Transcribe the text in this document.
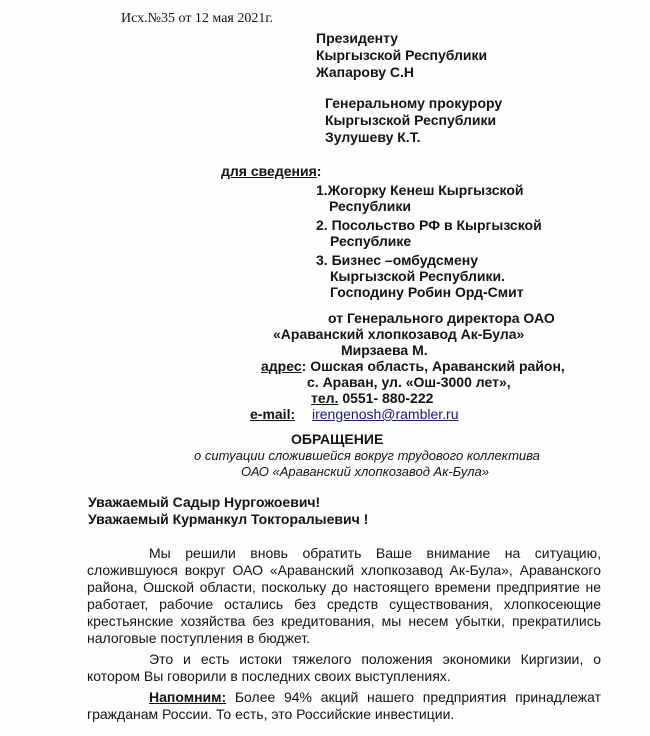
Исх.№35 от 12 мая 2021г.
Президенту
Кыргызской Республики
Жапарову С.Н
Генеральному прокурору
Кыргызской Республики
Зулушеву К.Т.
для сведения:
1.Жогорку Кенеш Кыргызской
Республики
2. Посольство РФ в Кыргызской
Республике
3. Бизнес –омбудсмену
Кыргызской Республики.
Господину Робин Орд-Смит
от Генерального директора ОАО
«Араванский хлопкозавод Ак-Була»
Мирзаева М.
адрес: Ошская область, Араванский район,
с. Араван, ул. «Ош-3000 лет»,
тел. 0551- 880-222
e-mail: irengenosh@rambler.ru
ОБРАЩЕНИЕ
о ситуации сложившейся вокруг трудового коллектива
ОАО «Араванский хлопкозавод Ак-Була»
Уважаемый Садыр Нургожоевич!
Уважаемый Курманкул Токторалыевич !
Мы решили вновь обратить Ваше внимание на ситуацию, сложившуюся вокруг ОАО «Араванский хлопкозавод Ак-Була», Араванского района, Ошской области, поскольку до настоящего времени предприятие не работает, рабочие остались без средств существования, хлопкосеющие крестьянские хозяйства без кредитования, мы несем убытки, прекратились налоговые поступления в бюджет.
Это и есть истоки тяжелого положения экономики Киргизии, о котором Вы говорили в последних своих выступлениях.
Напомним: Более 94% акций нашего предприятия принадлежат гражданам России. То есть, это Российские инвестиции.
